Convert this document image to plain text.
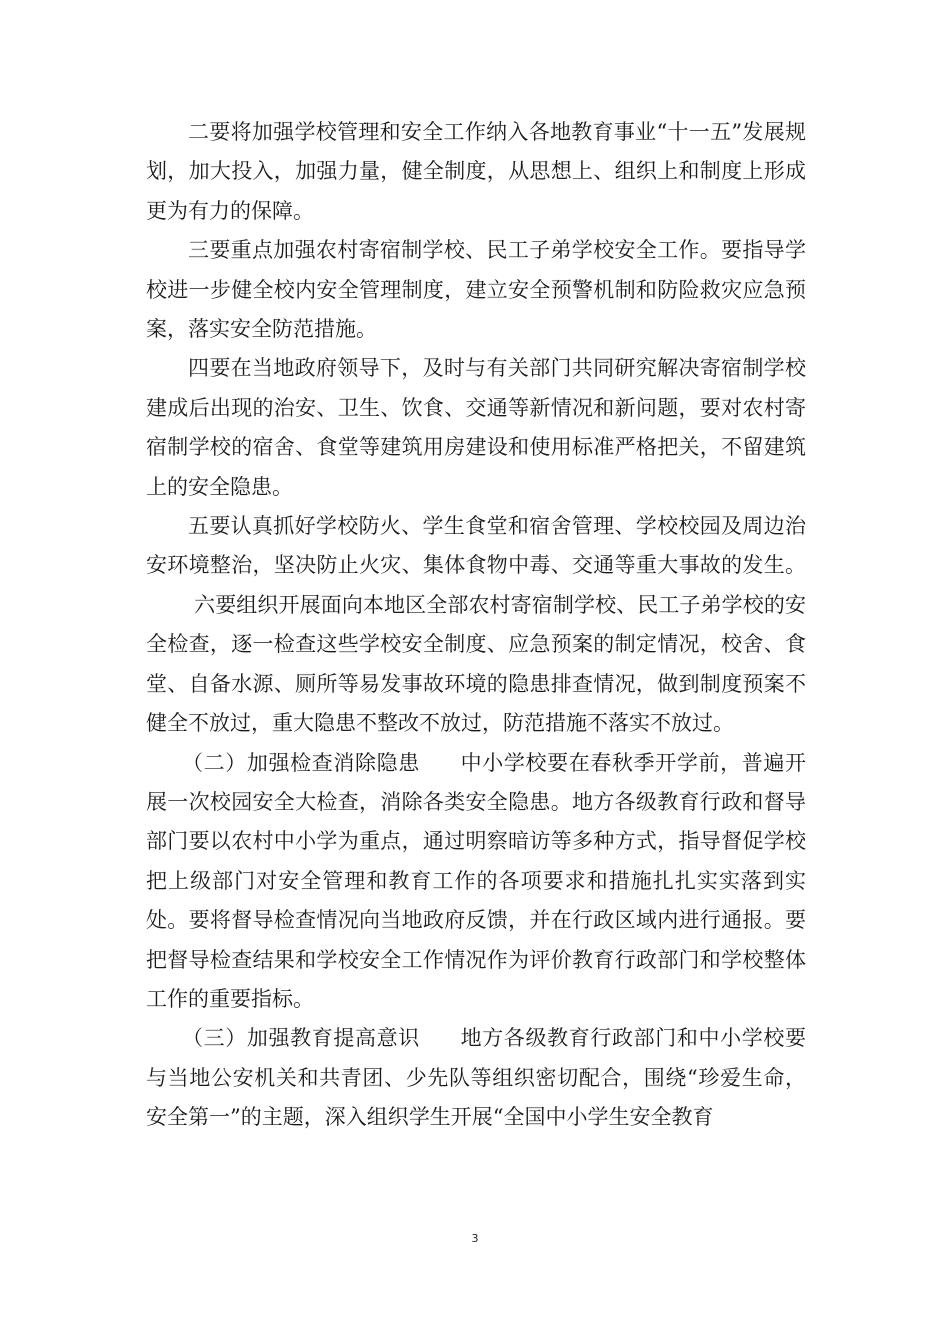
二要将加强学校管理和安全工作纳入各地教育事业“十一五”发展规划，加大投入，加强力量，健全制度，从思想上、组织上和制度上形成更为有力的保障。

三要重点加强农村寄宿制学校、民工子弟学校安全工作。要指导学校进一步健全校内安全管理制度，建立安全预警机制和防险救灾应急预案，落实安全防范措施。

四要在当地政府领导下，及时与有关部门共同研究解决寄宿制学校建成后出现的治安、卫生、饮食、交通等新情况和新问题，要对农村寄宿制学校的宿舍、食堂等建筑用房建设和使用标准严格把关，不留建筑上的安全隐患。

五要认真抓好学校防火、学生食堂和宿舍管理、学校校园及周边治安环境整治，坚决防止火灾、集体食物中毒、交通等重大事故的发生。六要组织开展面向本地区全部农村寄宿制学校、民工子弟学校的安全检查，逐一检查这些学校安全制度、应急预案的制定情况，校舍、食堂、自备水源、厕所等易发事故环境的隐患排查情况，做到制度预案不健全不放过，重大隐患不整改不放过，防范措施不落实不放过。

（二）加强检查消除隐患 中小学校要在春秋季开学前，普遍开展一次校园安全大检查，消除各类安全隐患。地方各级教育行政和督导部门要以农村中小学为重点，通过明察暗访等多种方式，指导督促学校把上级部门对安全管理和教育工作的各项要求和措施扎扎实实落到实处。要将督导检查情况向当地政府反馈，并在行政区域内进行通报。要把督导检查结果和学校安全工作情况作为评价教育行政部门和学校整体工作的重要指标。

（三）加强教育提高意识 地方各级教育行政部门和中小学校要与当地公安机关和共青团、少先队等组织密切配合，围绕“珍爱生命，安全第一”的主题，深入组织学生开展“全国中小学生安全教育

3
